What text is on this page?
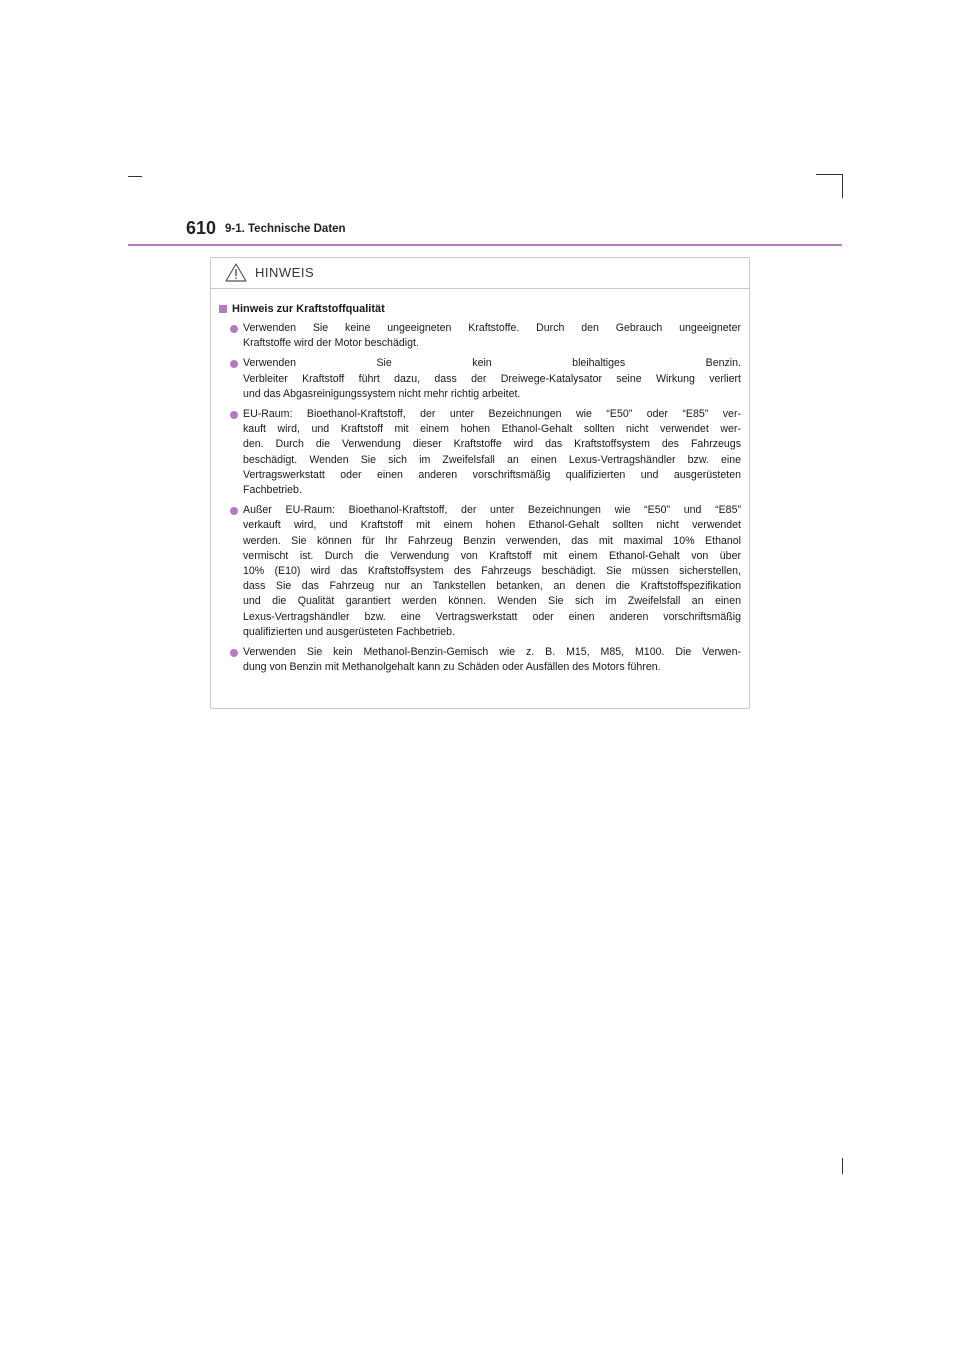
610 9-1. Technische Daten
HINWEIS
Hinweis zur Kraftstoffqualität
Verwenden Sie keine ungeeigneten Kraftstoffe. Durch den Gebrauch ungeeigneter
Kraftstoffe wird der Motor beschädigt.
Verwenden Sie kein bleihaltiges Benzin.
Verbleiter Kraftstoff führt dazu, dass der Dreiwege-Katalysator seine Wirkung verliert
und das Abgasreinigungssystem nicht mehr richtig arbeitet.
EU-Raum: Bioethanol-Kraftstoff, der unter Bezeichnungen wie “E50” oder “E85” ver-
kauft wird, und Kraftstoff mit einem hohen Ethanol-Gehalt sollten nicht verwendet wer-
den. Durch die Verwendung dieser Kraftstoffe wird das Kraftstoffsystem des Fahrzeugs
beschädigt. Wenden Sie sich im Zweifelsfall an einen Lexus-Vertragshändler bzw. eine
Vertragswerkstatt oder einen anderen vorschriftsmäßig qualifizierten und ausgerüsteten
Fachbetrieb.
Außer EU-Raum: Bioethanol-Kraftstoff, der unter Bezeichnungen wie “E50” und “E85”
verkauft wird, und Kraftstoff mit einem hohen Ethanol-Gehalt sollten nicht verwendet
werden. Sie können für Ihr Fahrzeug Benzin verwenden, das mit maximal 10% Ethanol
vermischt ist. Durch die Verwendung von Kraftstoff mit einem Ethanol-Gehalt von über
10% (E10) wird das Kraftstoffsystem des Fahrzeugs beschädigt. Sie müssen sicherstellen,
dass Sie das Fahrzeug nur an Tankstellen betanken, an denen die Kraftstoffspezifikation
und die Qualität garantiert werden können. Wenden Sie sich im Zweifelsfall an einen
Lexus-Vertragshändler bzw. eine Vertragswerkstatt oder einen anderen vorschriftsmäßig
qualifizierten und ausgerüsteten Fachbetrieb.
Verwenden Sie kein Methanol-Benzin-Gemisch wie z. B. M15, M85, M100. Die Verwen-
dung von Benzin mit Methanolgehalt kann zu Schäden oder Ausfällen des Motors führen.
